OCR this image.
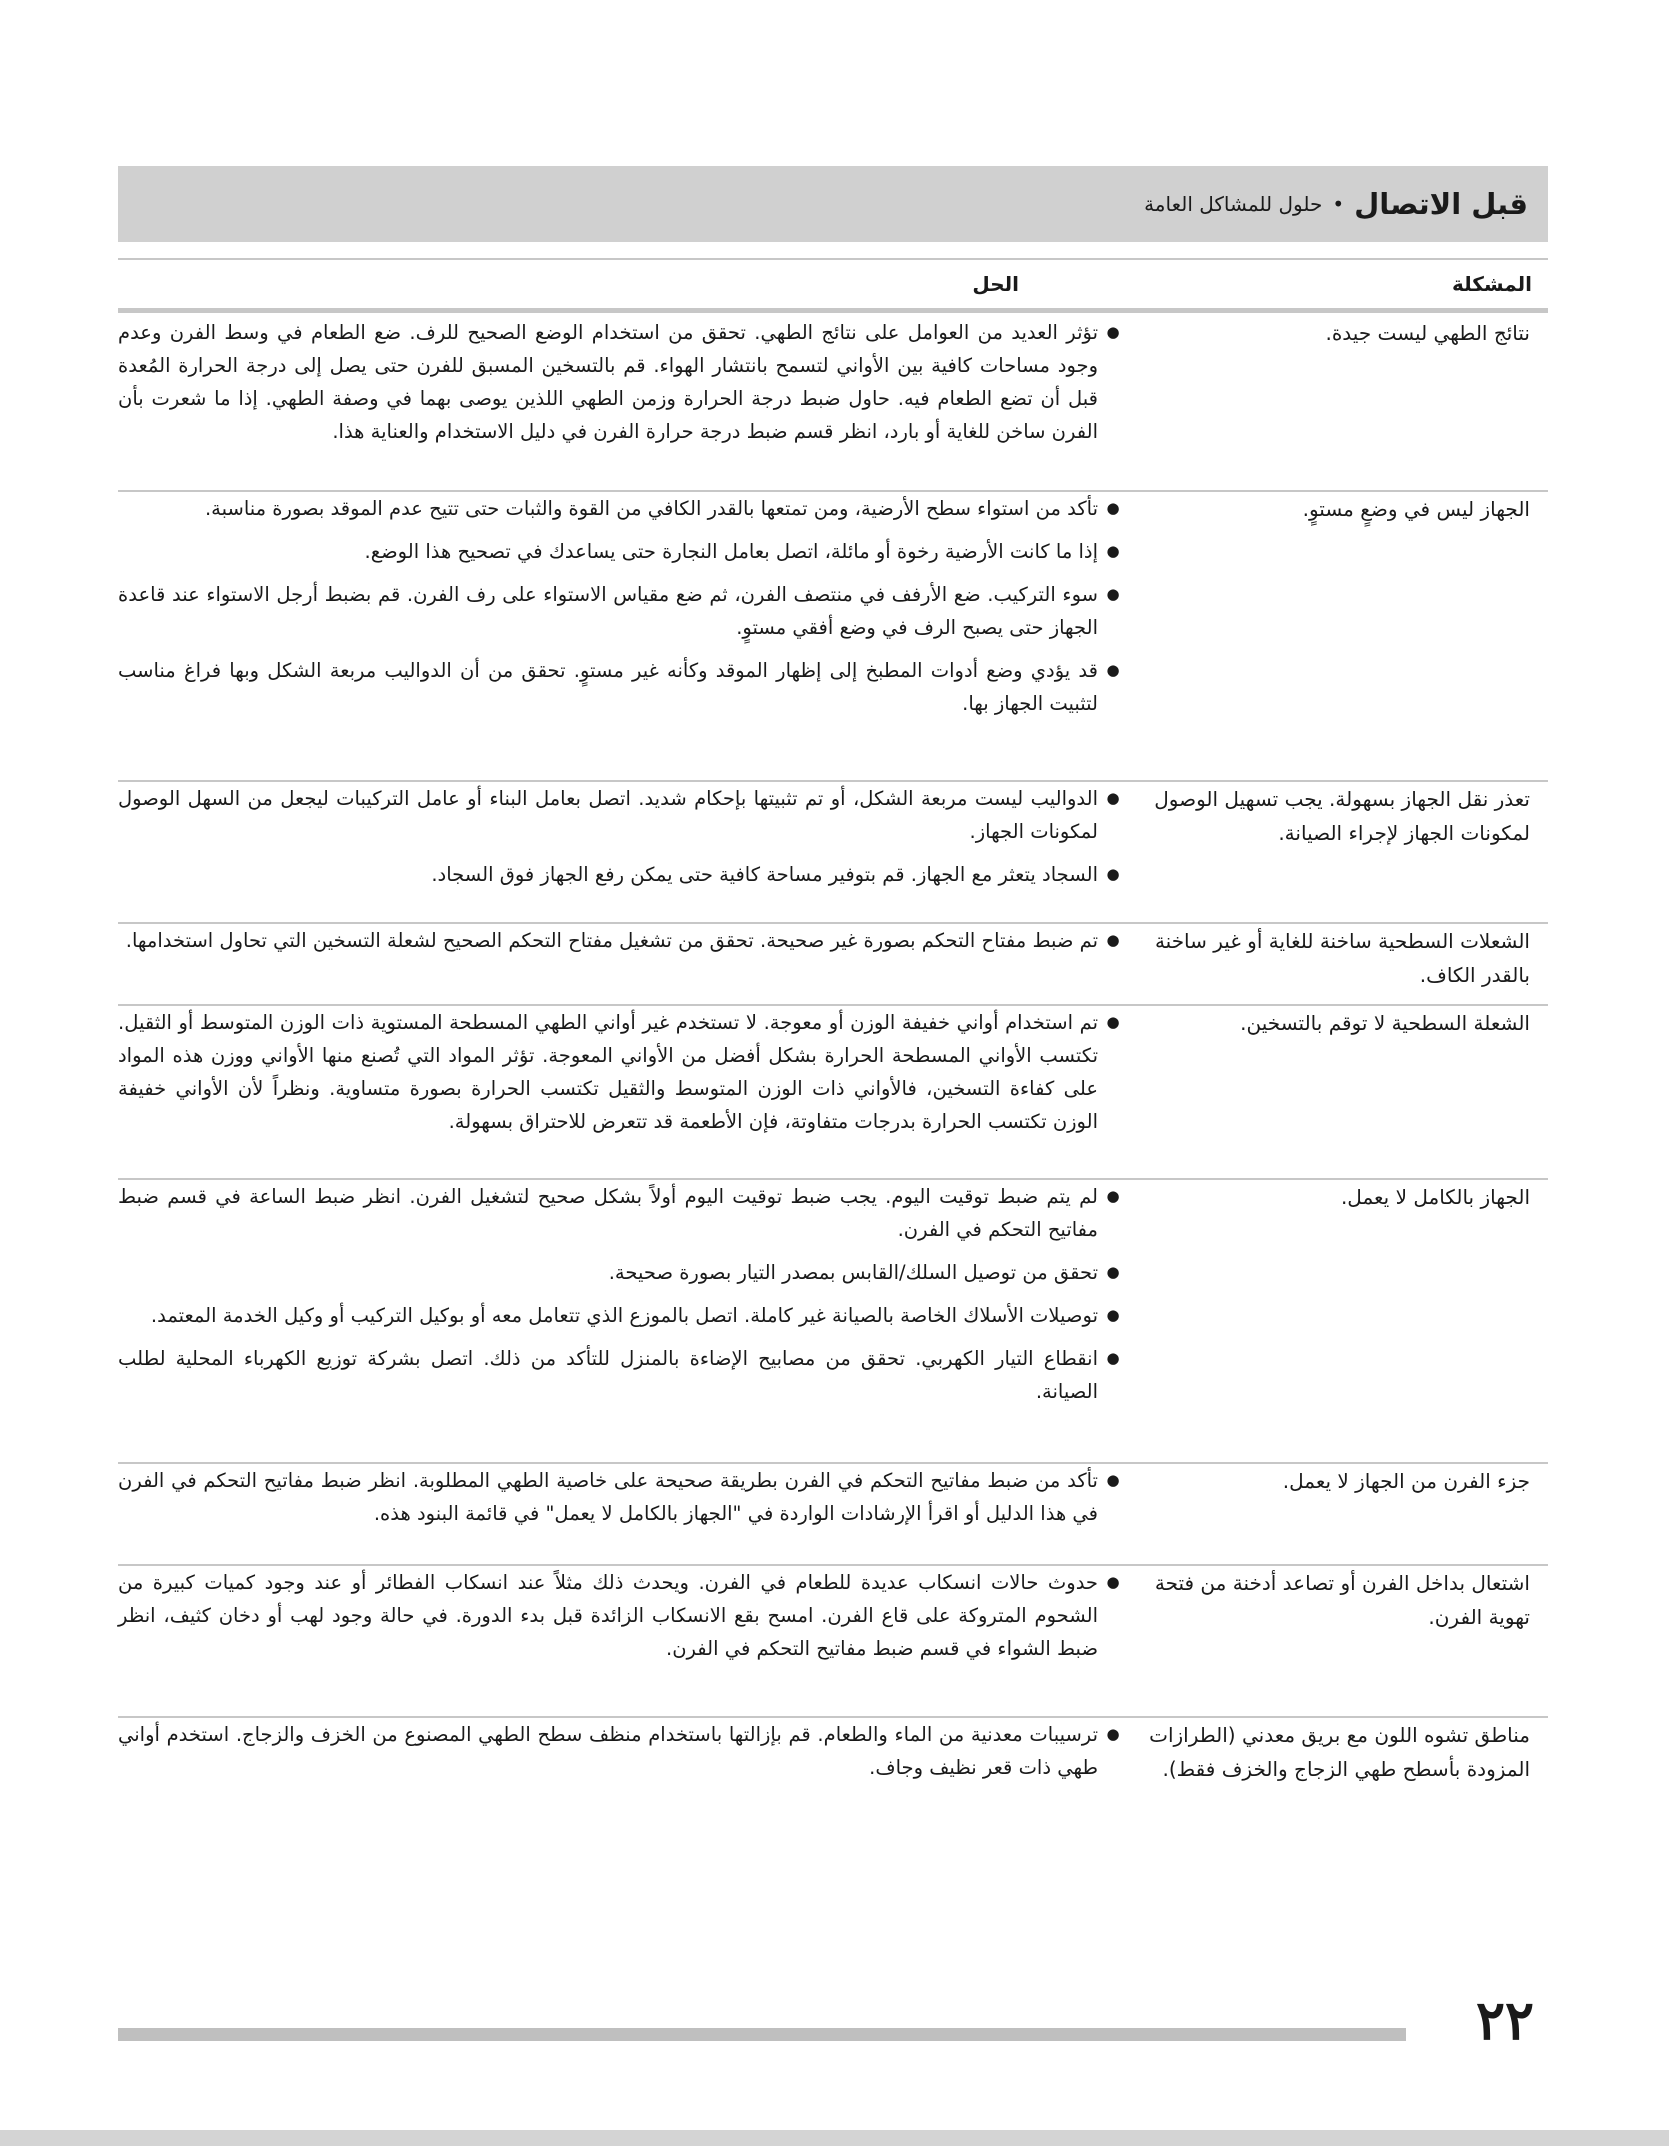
قبل الاتصال
•
حلول للمشاكل العامة
المشكلة
الحل
نتائج الطهي ليست جيدة.
●
تؤثر العديد من العوامل على نتائج الطهي. تحقق من استخدام الوضع الصحيح للرف. ضع الطعام في وسط الفرن وعدم وجود مساحات كافية بين الأواني لتسمح بانتشار الهواء. قم بالتسخين المسبق للفرن حتى يصل إلى درجة الحرارة المُعدة قبل أن تضع الطعام فيه. حاول ضبط درجة الحرارة وزمن الطهي اللذين يوصى بهما في وصفة الطهي. إذا ما شعرت بأن الفرن ساخن للغاية أو بارد، انظر قسم ضبط درجة حرارة الفرن في دليل الاستخدام والعناية هذا.
الجهاز ليس في وضعٍ مستوٍ.
●
تأكد من استواء سطح الأرضية، ومن تمتعها بالقدر الكافي من القوة والثبات حتى تتيح عدم الموقد بصورة مناسبة.
●
إذا ما كانت الأرضية رخوة أو مائلة، اتصل بعامل النجارة حتى يساعدك في تصحيح هذا الوضع.
●
سوء التركيب. ضع الأرفف في منتصف الفرن، ثم ضع مقياس الاستواء على رف الفرن. قم بضبط أرجل الاستواء عند قاعدة الجهاز حتى يصبح الرف في وضع أفقي مستوٍ.
●
قد يؤدي وضع أدوات المطبخ إلى إظهار الموقد وكأنه غير مستوٍ. تحقق من أن الدواليب مربعة الشكل وبها فراغ مناسب لتثبيت الجهاز بها.
تعذر نقل الجهاز بسهولة. يجب تسهيل الوصول لمكونات الجهاز لإجراء الصيانة.
●
الدواليب ليست مربعة الشكل، أو تم تثبيتها بإحكام شديد. اتصل بعامل البناء أو عامل التركيبات ليجعل من السهل الوصول لمكونات الجهاز.
●
السجاد يتعثر مع الجهاز. قم بتوفير مساحة كافية حتى يمكن رفع الجهاز فوق السجاد.
الشعلات السطحية ساخنة للغاية أو غير ساخنة بالقدر الكاف.
●
تم ضبط مفتاح التحكم بصورة غير صحيحة. تحقق من تشغيل مفتاح التحكم الصحيح لشعلة التسخين التي تحاول استخدامها.
الشعلة السطحية لا توقم بالتسخين.
●
تم استخدام أواني خفيفة الوزن أو معوجة. لا تستخدم غير أواني الطهي المسطحة المستوية ذات الوزن المتوسط أو الثقيل. تكتسب الأواني المسطحة الحرارة بشكل أفضل من الأواني المعوجة. تؤثر المواد التي تُصنع منها الأواني ووزن هذه المواد على كفاءة التسخين، فالأواني ذات الوزن المتوسط والثقيل تكتسب الحرارة بصورة متساوية. ونظراً لأن الأواني خفيفة الوزن تكتسب الحرارة بدرجات متفاوتة، فإن الأطعمة قد تتعرض للاحتراق بسهولة.
الجهاز بالكامل لا يعمل.
●
لم يتم ضبط توقيت اليوم. يجب ضبط توقيت اليوم أولاً بشكل صحيح لتشغيل الفرن. انظر ضبط الساعة في قسم ضبط مفاتيح التحكم في الفرن.
●
تحقق من توصيل السلك/القابس بمصدر التيار بصورة صحيحة.
●
توصيلات الأسلاك الخاصة بالصيانة غير كاملة. اتصل بالموزع الذي تتعامل معه أو بوكيل التركيب أو وكيل الخدمة المعتمد.
●
انقطاع التيار الكهربي. تحقق من مصابيح الإضاءة بالمنزل للتأكد من ذلك. اتصل بشركة توزيع الكهرباء المحلية لطلب الصيانة.
جزء الفرن من الجهاز لا يعمل.
●
تأكد من ضبط مفاتيح التحكم في الفرن بطريقة صحيحة على خاصية الطهي المطلوبة. انظر ضبط مفاتيح التحكم في الفرن في هذا الدليل أو اقرأ الإرشادات الواردة في "الجهاز بالكامل لا يعمل" في قائمة البنود هذه.
اشتعال بداخل الفرن أو تصاعد أدخنة من فتحة تهوية الفرن.
●
حدوث حالات انسكاب عديدة للطعام في الفرن. ويحدث ذلك مثلاً عند انسكاب الفطائر أو عند وجود كميات كبيرة من الشحوم المتروكة على قاع الفرن. امسح بقع الانسكاب الزائدة قبل بدء الدورة. في حالة وجود لهب أو دخان كثيف، انظر ضبط الشواء في قسم ضبط مفاتيح التحكم في الفرن.
مناطق تشوه اللون مع بريق معدني (الطرازات المزودة بأسطح طهي الزجاج والخزف فقط).
●
ترسيبات معدنية من الماء والطعام. قم بإزالتها باستخدام منظف سطح الطهي المصنوع من الخزف والزجاج. استخدم أواني طهي ذات قعر نظيف وجاف.
٢٢
